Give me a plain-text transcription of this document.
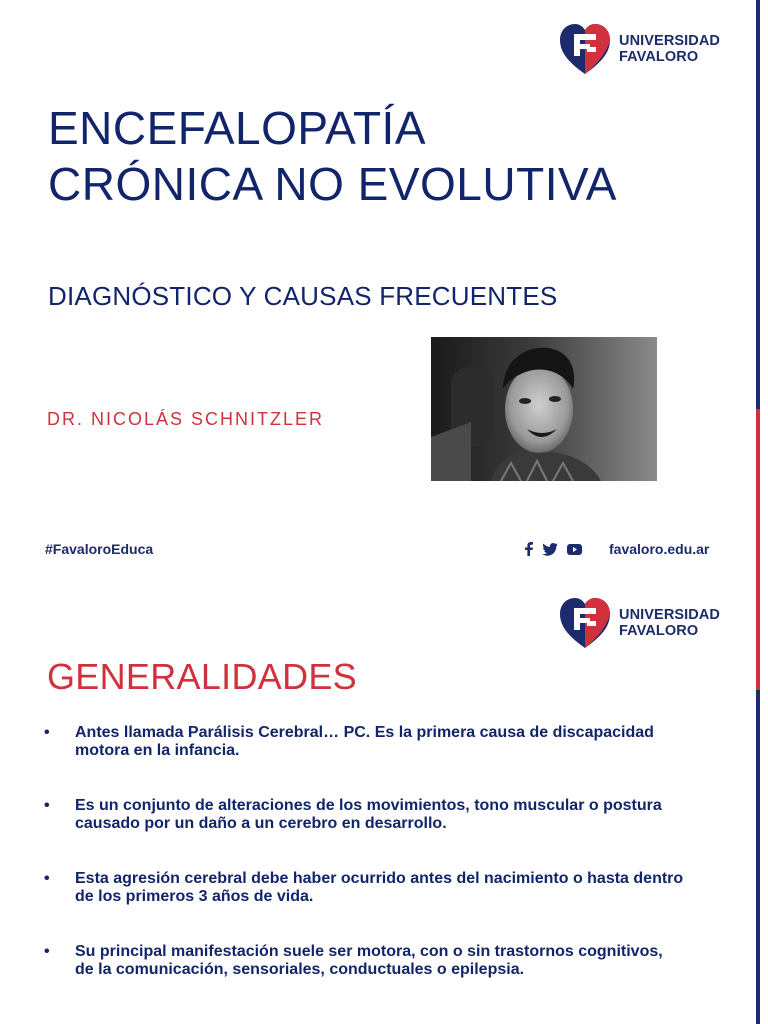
UNIVERSIDAD
FAVALORO
ENCEFALOPATÍA
CRÓNICA NO EVOLUTIVA
DIAGNÓSTICO Y CAUSAS FRECUENTES
DR. NICOLÁS SCHNITZLER
#FavaloroEduca	favaloro.edu.ar
UNIVERSIDAD
FAVALORO
GENERALIDADES
• Antes llamada Parálisis Cerebral… PC. Es la primera causa de discapacidad motora en la infancia.
• Es un conjunto de alteraciones de los movimientos, tono muscular o postura causado por un daño a un cerebro en desarrollo.
• Esta agresión cerebral debe haber ocurrido antes del nacimiento o hasta dentro de los primeros 3 años de vida.
• Su principal manifestación suele ser motora, con o sin trastornos cognitivos, de la comunicación, sensoriales, conductuales o epilepsia.
